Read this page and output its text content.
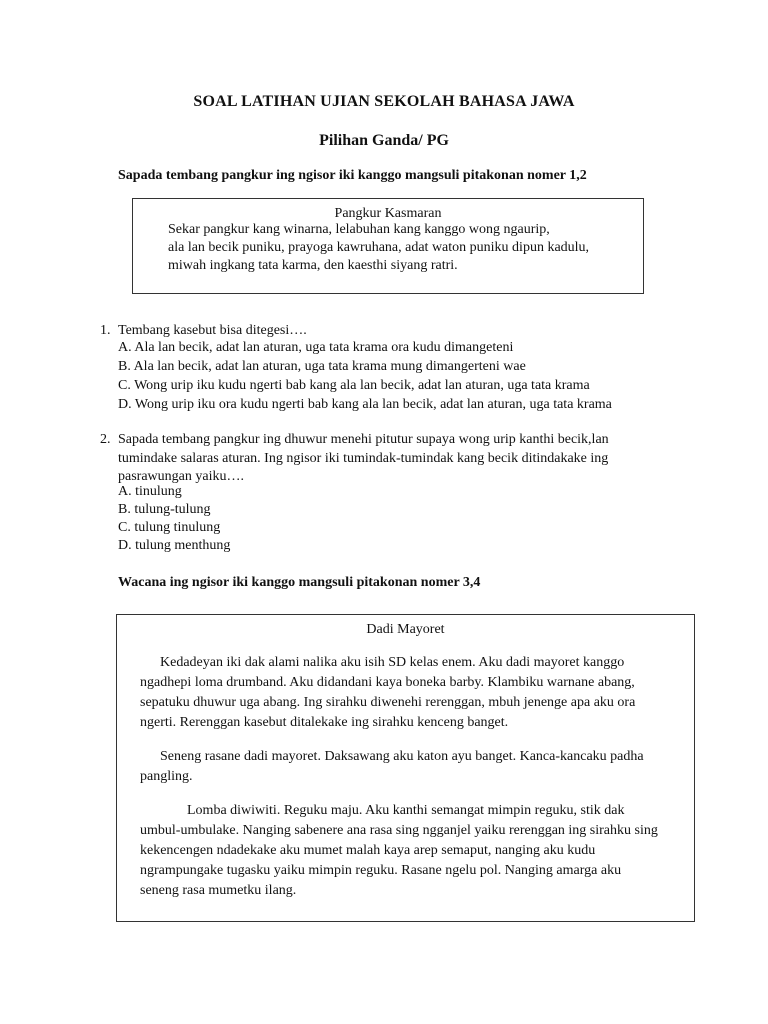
SOAL LATIHAN UJIAN SEKOLAH BAHASA JAWA
Pilihan Ganda/ PG
Sapada tembang pangkur ing ngisor iki kanggo mangsuli pitakonan nomer 1,2
Pangkur Kasmaran
Sekar pangkur kang winarna, lelabuhan kang kanggo wong ngaurip,
ala lan becik puniku, prayoga kawruhana, adat waton puniku dipun kadulu,
miwah ingkang tata karma, den kaesthi siyang ratri.
1. Tembang kasebut bisa ditegesi….
A. Ala lan becik, adat lan aturan, uga tata krama ora kudu dimangeteni
B. Ala lan becik, adat lan aturan, uga tata krama mung dimangerteni wae
C. Wong urip iku kudu ngerti bab kang ala lan becik, adat lan aturan, uga tata krama
D. Wong urip iku ora kudu ngerti bab kang ala lan becik, adat lan aturan, uga tata krama
2. Sapada tembang pangkur ing dhuwur menehi pitutur supaya wong urip kanthi becik,lan
tumindake salaras aturan. Ing ngisor iki tumindak-tumindak kang becik ditindakake ing
pasrawungan yaiku….
A. tinulung
B. tulung-tulung
C. tulung tinulung
D. tulung menthung
Wacana ing ngisor iki kanggo mangsuli pitakonan nomer 3,4
Dadi Mayoret
Kedadeyan iki dak alami nalika aku isih SD kelas enem. Aku dadi mayoret kanggo
ngadhepi loma drumband. Aku didandani kaya boneka barby. Klambiku warnane abang,
sepatuku dhuwur uga abang. Ing sirahku diwenehi rerenggan, mbuh jenenge apa aku ora
ngerti. Rerenggan kasebut ditalekake ing sirahku kenceng banget.
Seneng rasane dadi mayoret. Daksawang aku katon ayu banget. Kanca-kancaku padha
pangling.
Lomba diwiwiti. Reguku maju. Aku kanthi semangat mimpin reguku, stik dak
umbul-umbulake. Nanging sabenere ana rasa sing ngganjel yaiku rerenggan ing sirahku sing
kekencengen ndadekake aku mumet malah kaya arep semaput, nanging aku kudu
ngrampungake tugasku yaiku mimpin reguku. Rasane ngelu pol. Nanging amarga aku
seneng rasa mumetku ilang.
